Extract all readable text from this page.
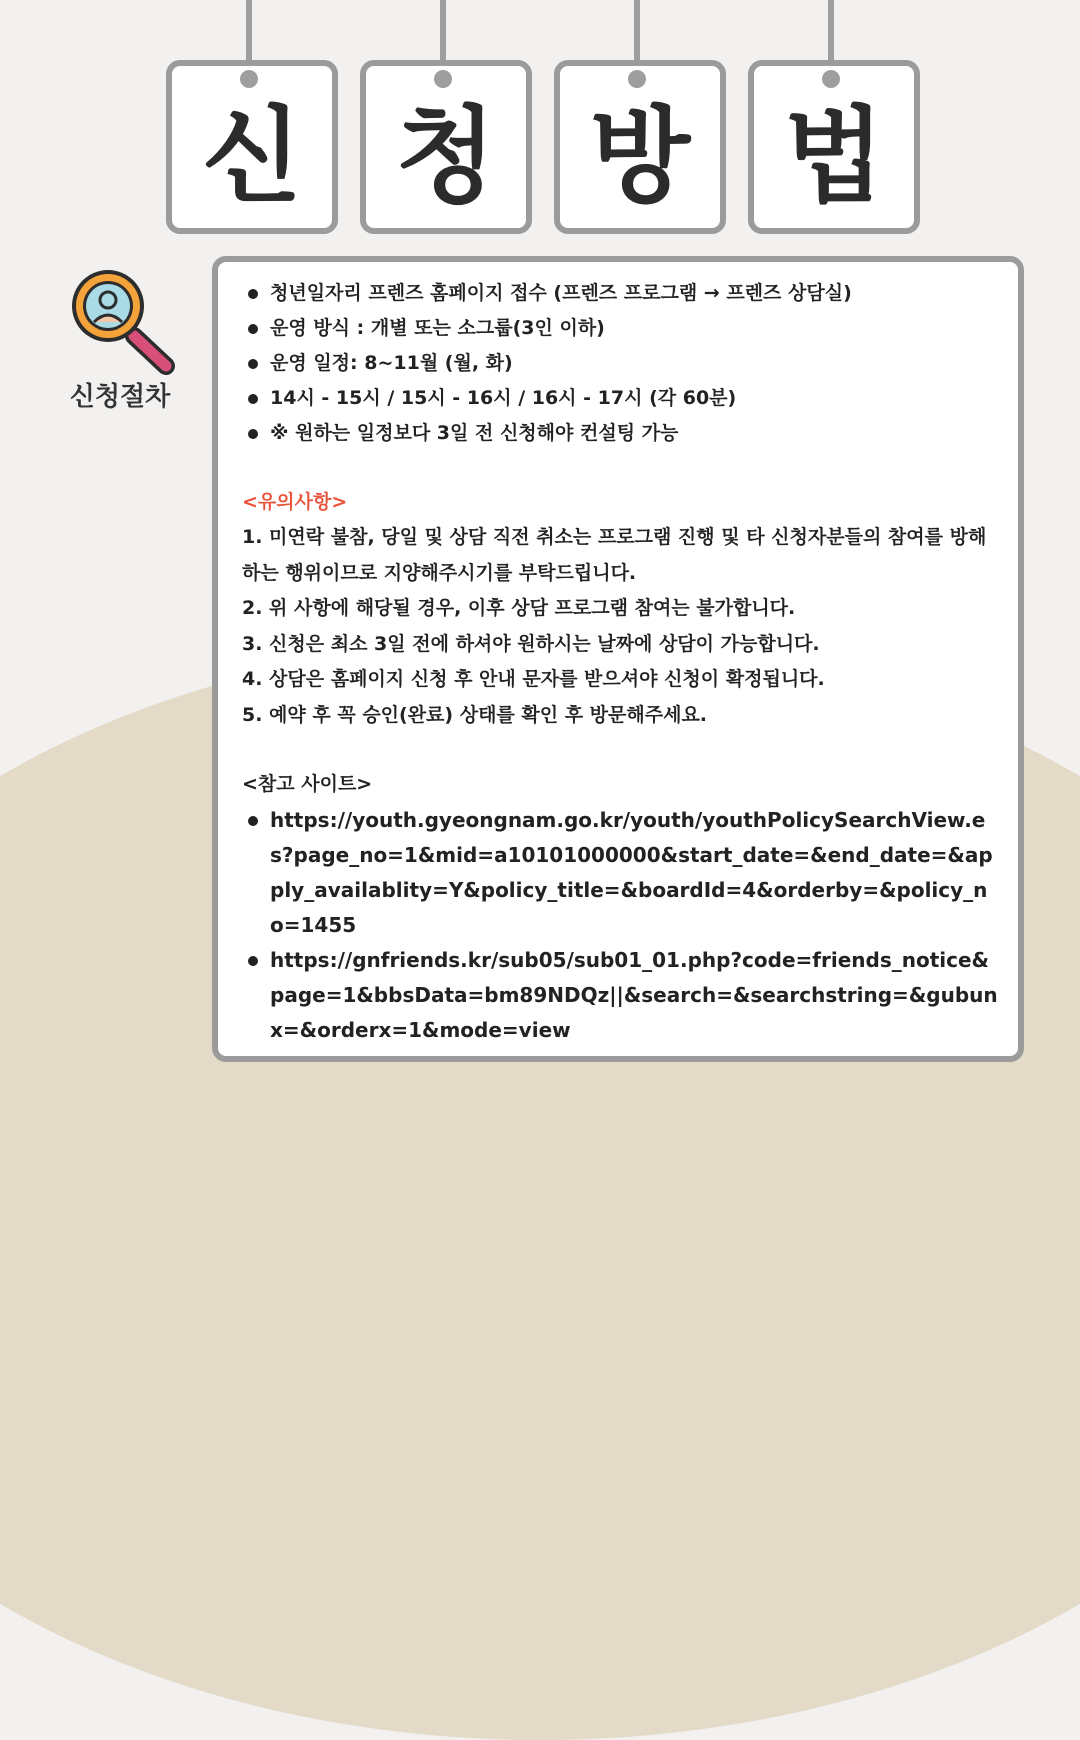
신 청 방 법
신청절차
청년일자리 프렌즈 홈페이지 접수 (프렌즈 프로그램 → 프렌즈 상담실)
운영 방식 : 개별 또는 소그룹(3인 이하)
운영 일정: 8~11월 (월, 화)
14시 - 15시 / 15시 - 16시 / 16시 - 17시 (각 60분)
※ 원하는 일정보다 3일 전 신청해야 컨설팅 가능
<유의사항>

1. 미연락 불참, 당일 및 상담 직전 취소는 프로그램 진행 및 타 신청자분들의 참여를 방해하는 행위이므로 지양해주시기를 부탁드립니다.

2. 위 사항에 해당될 경우, 이후 상담 프로그램 참여는 불가합니다.

3. 신청은 최소 3일 전에 하셔야 원하시는 날짜에 상담이 가능합니다.

4. 상담은 홈페이지 신청 후 안내 문자를 받으셔야 신청이 확정됩니다.

5. 예약 후 꼭 승인(완료) 상태를 확인 후 방문해주세요.

<참고 사이트>
https://youth.gyeongnam.go.kr/youth/youthPolicySearchView.es?page_no=1&mid=a10101000000&start_date=&end_date=&apply_availablity=Y&policy_title=&boardId=4&orderby=&policy_no=1455
https://gnfriends.kr/sub05/sub01_01.php?code=friends_notice&page=1&bbsData=bm89NDQz||&search=&searchstring=&gubunx=&orderx=1&mode=view
